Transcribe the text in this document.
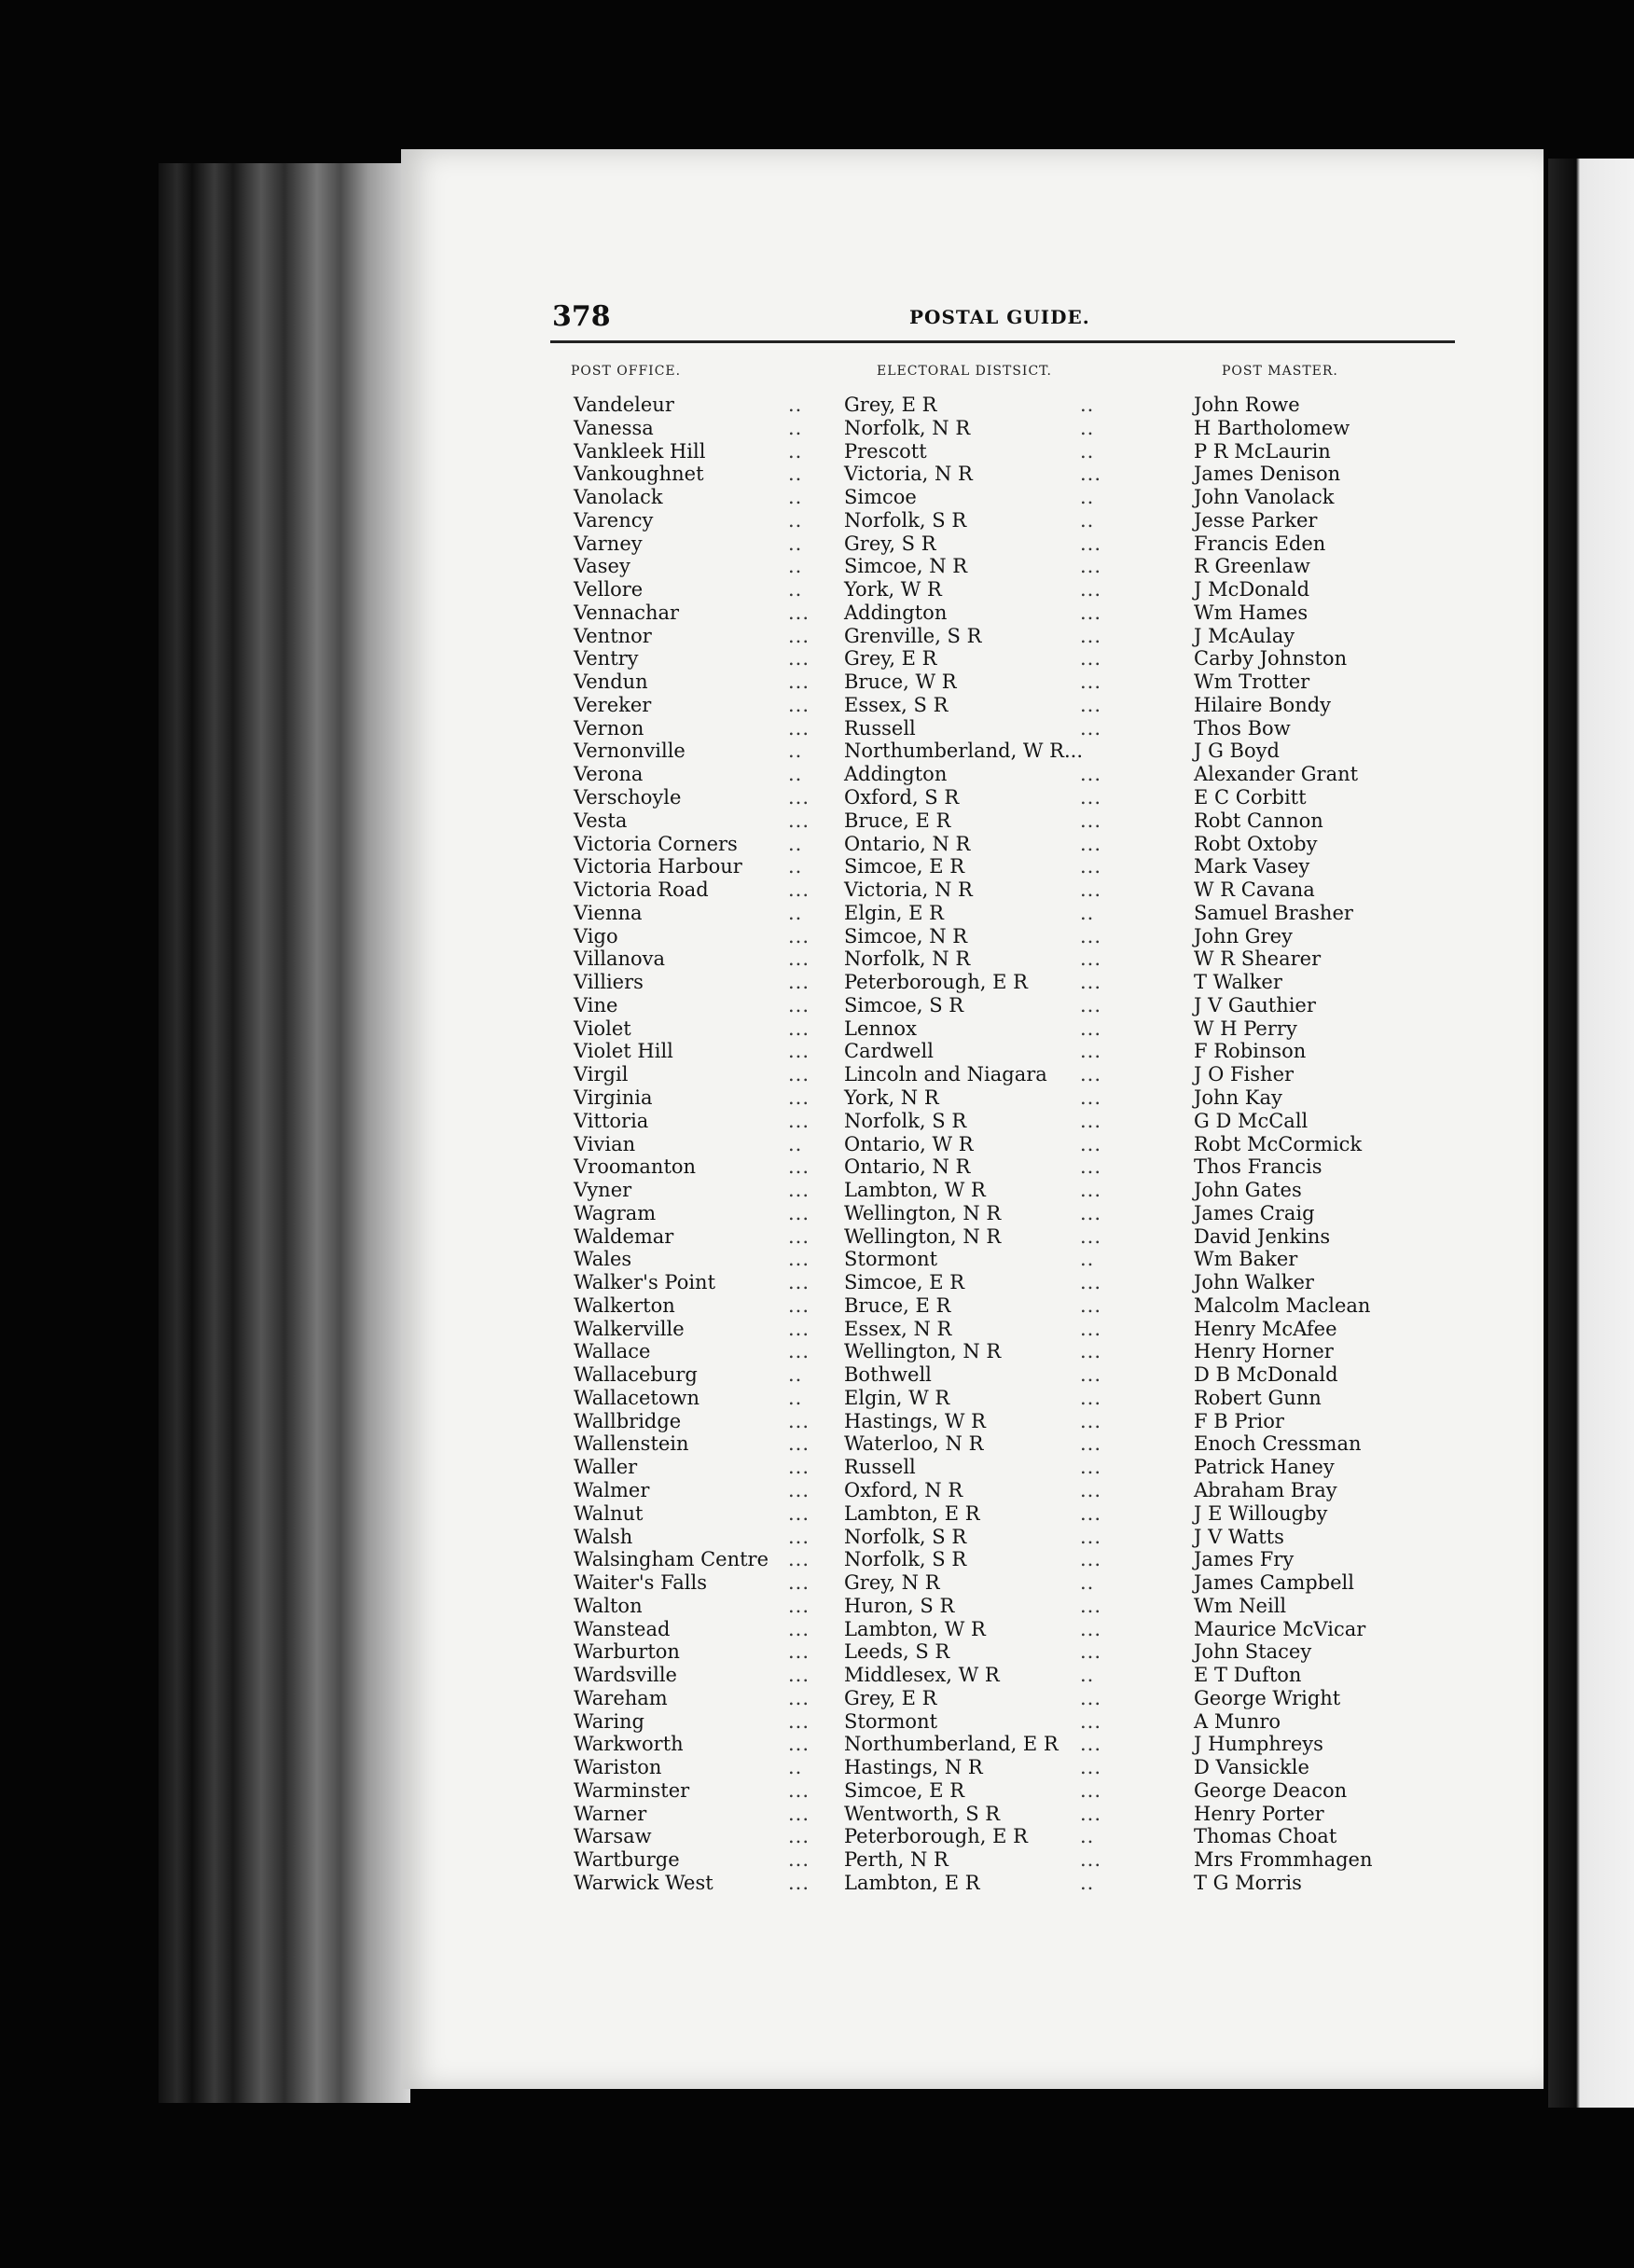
378	POSTAL GUIDE.
POST OFFICE.	ELECTORAL DISTSICT.	POST MASTER.
Vandeleur	.. Grey, E R	..	John Rowe
Vanessa	.. Norfolk, N R	..	H Bartholomew
Vankleek Hill	.. Prescott	..	P R McLaurin
Vankoughnet	.. Victoria, N R	...	James Denison
Vanolack	.. Simcoe	..	John Vanolack
Varency	.. Norfolk, S R	..	Jesse Parker
Varney	.. Grey, S R	...	Francis Eden
Vasey	.. Simcoe, N R	...	R Greenlaw
Vellore	.. York, W R	...	J McDonald
Vennachar	... Addington	...	Wm Hames
Ventnor	... Grenville, S R	...	J McAulay
Ventry	... Grey, E R	...	Carby Johnston
Vendun	... Bruce, W R	...	Wm Trotter
Vereker	... Essex, S R	...	Hilaire Bondy
Vernon	... Russell	...	Thos Bow
Vernonville	.. Northumberland, W R...	J G Boyd
Verona	.. Addington	...	Alexander Grant
Verschoyle	... Oxford, S R	...	E C Corbitt
Vesta	... Bruce, E R	...	Robt Cannon
Victoria Corners	.. Ontario, N R	...	Robt Oxtoby
Victoria Harbour .. Simcoe, E R	...	Mark Vasey
Victoria Road	... Victoria, N R	...	W R Cavana
Vienna	.. Elgin, E R	..	Samuel Brasher
Vigo	... Simcoe, N R	...	John Grey
Villanova	... Norfolk, N R	...	W R Shearer
Villiers	... Peterborough, E R	...	T Walker
Vine	... Simcoe, S R	...	J V Gauthier
Violet	... Lennox	...	W H Perry
Violet Hill	... Cardwell	...	F Robinson
Virgil	... Lincoln and Niagara ...	J O Fisher
Virginia	... York, N R	...	John Kay
Vittoria	... Norfolk, S R	...	G D McCall
Vivian	.. Ontario, W R	...	Robt McCormick
Vroomanton	... Ontario, N R	...	Thos Francis
Vyner	... Lambton, W R	...	John Gates
Wagram	... Wellington, N R	...	James Craig
Waldemar	... Wellington, N R	...	David Jenkins
Wales	... Stormont	..	Wm Baker
Walker's Point	... Simcoe, E R	...	John Walker
Walkerton	... Bruce, E R	...	Malcolm Maclean
Walkerville	... Essex, N R	...	Henry McAfee
Wallace	... Wellington, N R	...	Henry Horner
Wallaceburg	.. Bothwell	...	D B McDonald
Wallacetown	.. Elgin, W R	...	Robert Gunn
Wallbridge	... Hastings, W R	...	F B Prior
Wallenstein	... Waterloo, N R	...	Enoch Cressman
Waller	... Russell	...	Patrick Haney
Walmer	... Oxford, N R	...	Abraham Bray
Walnut	... Lambton, E R	...	J E Willougby
Walsh	... Norfolk, S R	...	J V Watts
Walsingham Centre ... Norfolk, S R	...	James Fry
Waiter's Falls	... Grey, N R	..	James Campbell
Walton	... Huron, S R	...	Wm Neill
Wanstead	... Lambton, W R	...	Maurice McVicar
Warburton	... Leeds, S R	...	John Stacey
Wardsville	... Middlesex, W R	..	E T Dufton
Wareham	... Grey, E R	...	George Wright
Waring	... Stormont	...	A Munro
Warkworth	... Northumberland, E R ...	J Humphreys
Wariston	.. Hastings, N R	...	D Vansickle
Warminster	... Simcoe, E R	...	George Deacon
Warner	... Wentworth, S R	...	Henry Porter
Warsaw	... Peterborough, E R	..	Thomas Choat
Wartburge	... Perth, N R	...	Mrs Frommhagen
Warwick West	... Lambton, E R	..	T G Morris
